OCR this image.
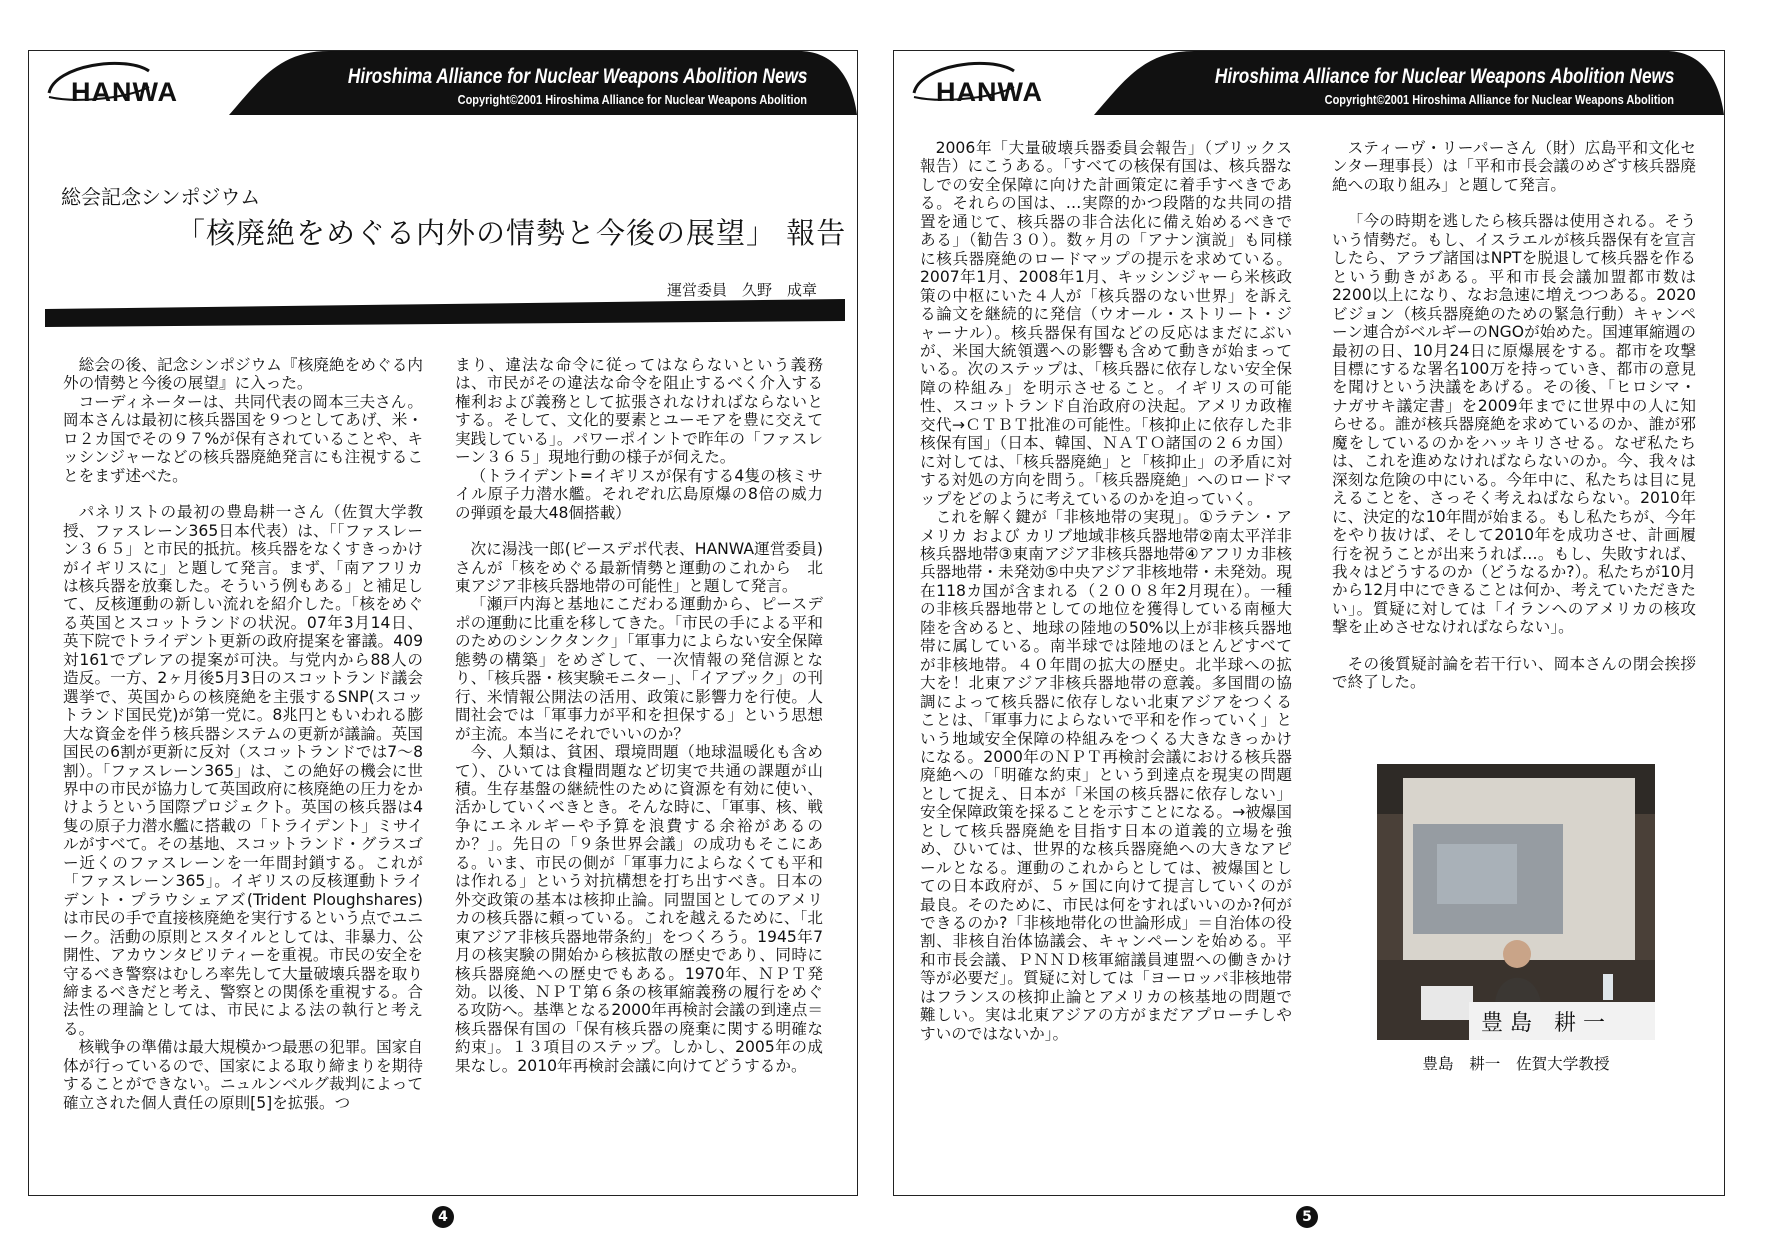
HANWA
Hiroshima Alliance for Nuclear Weapons Abolition News
Copyright©2001 Hiroshima Alliance for Nuclear Weapons Abolition
総会記念シンポジウム
「核廃絶をめぐる内外の情勢と今後の展望」 報告
運営委員　久野　成章

総会の後、記念シンポジウム『核廃絶をめぐる内外の情勢と今後の展望』に入った。

コーディネーターは、共同代表の岡本三夫さん。岡本さんは最初に核兵器国を９つとしてあげ、米・ロ２カ国でその９７%が保有されていることや、キッシンジャーなどの核兵器廃絶発言にも注視することをまず述べた。

パネリストの最初の豊島耕一さん（佐賀大学教授、ファスレーン365日本代表）は、「「ファスレーン３６５」と市民的抵抗。核兵器をなくすきっかけがイギリスに」と題して発言。まず、「南アフリカは核兵器を放棄した。そういう例もある」と補足して、反核運動の新しい流れを紹介した。「核をめぐる英国とスコットランドの状況。07年3月14日、英下院でトライデント更新の政府提案を審議。409対161でブレアの提案が可決。与党内から88人の造反。一方、2ヶ月後5月3日のスコットランド議会選挙で、英国からの核廃絶を主張するSNP(スコットランド国民党)が第一党に。8兆円ともいわれる膨大な資金を伴う核兵器システムの更新が議論。英国国民の6割が更新に反対（スコットランドでは7～8割）。「ファスレーン365」は、この絶好の機会に世界中の市民が協力して英国政府に核廃絶の圧力をかけようという国際プロジェクト。英国の核兵器は4隻の原子力潜水艦に搭載の「トライデント」ミサイルがすべて。その基地、スコットランド・グラスゴー近くのファスレーンを一年間封鎖する。これが「ファスレーン365」。イギリスの反核運動トライデント・プラウシェアズ(Trident Ploughshares) は市民の手で直接核廃絶を実行するという点でユニーク。活動の原則とスタイルとしては、非暴力、公開性、アカウンタビリティーを重視。市民の安全を守るべき警察はむしろ率先して大量破壊兵器を取り締まるべきだと考え、警察との関係を重視する。合法性の理論としては、市民による法の執行と考える。

核戦争の準備は最大規模かつ最悪の犯罪。国家自体が行っているので、国家による取り締まりを期待することができない。ニュルンベルグ裁判によって確立された個人責任の原則[5]を拡張。つ

まり、違法な命令に従ってはならないという義務は、市民がその違法な命令を阻止するべく介入する権利および義務として拡張されなければならないとする。そして、文化的要素とユーモアを豊に交えて実践している」。パワーポイントで昨年の「ファスレーン３６５」現地行動の様子が伺えた。

（トライデント=イギリスが保有する4隻の核ミサイル原子力潜水艦。それぞれ広島原爆の8倍の威力の弾頭を最大48個搭載）

次に湯浅一郎(ピースデポ代表、HANWA運営委員)さんが「核をめぐる最新情勢と運動のこれから　北東アジア非核兵器地帯の可能性」と題して発言。

「瀬戸内海と基地にこだわる運動から、ピースデポの運動に比重を移してきた。「市民の手による平和のためのシンクタンク」「軍事力によらない安全保障態勢の構築」をめざして、一次情報の発信源となり、「核兵器・核実験モニター」、「イアブック」の刊行、米情報公開法の活用、政策に影響力を行使。人間社会では「軍事力が平和を担保する」という思想が主流。本当にそれでいいのか？

今、人類は、貧困、環境問題（地球温暖化も含めて）、ひいては食糧問題など切実で共通の課題が山積。生存基盤の継続性のために資源を有効に使い、活かしていくべきとき。そんな時に、「軍事、核、戦争にエネルギーや予算を浪費する余裕があるのか？」。先日の「９条世界会議」の成功もそこにある。いま、市民の側が「軍事力によらなくても平和は作れる」という対抗構想を打ち出すべき。日本の外交政策の基本は核抑止論。同盟国としてのアメリカの核兵器に頼っている。これを越えるために、「北東アジア非核兵器地帯条約」をつくろう。1945年7月の核実験の開始から核拡散の歴史であり、同時に核兵器廃絶への歴史でもある。1970年、ＮＰＴ発効。以後、ＮＰＴ第６条の核軍縮義務の履行をめぐる攻防へ。基準となる2000年再検討会議の到達点＝核兵器保有国の「保有核兵器の廃棄に関する明確な約束」。１３項目のステップ。しかし、2005年の成果なし。2010年再検討会議に向けてどうするか。

4
HANWA
Hiroshima Alliance for Nuclear Weapons Abolition News
Copyright©2001 Hiroshima Alliance for Nuclear Weapons Abolition

2006年「大量破壊兵器委員会報告」（ブリックス報告）にこうある。「すべての核保有国は、核兵器なしでの安全保障に向けた計画策定に着手すべきである。それらの国は、…実際的かつ段階的な共同の措置を通じて、核兵器の非合法化に備え始めるべきである」（勧告３０）。数ヶ月の「アナン演説」も同様に核兵器廃絶のロードマップの提示を求めている。2007年1月、2008年1月、キッシンジャーら米核政策の中枢にいた４人が「核兵器のない世界」を訴える論文を継続的に発信（ウオール・ストリート・ジャーナル）。核兵器保有国などの反応はまだにぶいが、米国大統領選への影響も含めて動きが始まっている。次のステップは、「核兵器に依存しない安全保障の枠組み」を明示させること。イギリスの可能性、スコットランド自治政府の決起。アメリカ政権交代→ＣＴＢＴ批准の可能性。「核抑止に依存した非核保有国」（日本、韓国、ＮＡＴＯ諸国の２６カ国）に対しては、「核兵器廃絶」と「核抑止」の矛盾に対する対処の方向を問う。「核兵器廃絶」へのロードマップをどのように考えているのかを迫っていく。

これを解く鍵が「非核地帯の実現」。①ラテン・アメリカ および カリブ地域非核兵器地帯②南太平洋非核兵器地帯③東南アジア非核兵器地帯④アフリカ非核兵器地帯・未発効⑤中央アジア非核地帯・未発効。現在118カ国が含まれる（２００８年2月現在）。一種の非核兵器地帯としての地位を獲得している南極大陸を含めると、地球の陸地の50%以上が非核兵器地帯に属している。南半球では陸地のほとんどすべてが非核地帯。４０年間の拡大の歴史。北半球への拡大を！北東アジア非核兵器地帯の意義。多国間の協調によって核兵器に依存しない北東アジアをつくることは、「軍事力によらないで平和を作っていく」という地域安全保障の枠組みをつくる大きなきっかけになる。2000年のＮＰＴ再検討会議における核兵器廃絶への「明確な約束」という到達点を現実の問題として捉え、日本が「米国の核兵器に依存しない」安全保障政策を採ることを示すことになる。→被爆国として核兵器廃絶を目指す日本の道義的立場を強め、ひいては、世界的な核兵器廃絶への大きなアピールとなる。運動のこれからとしては、被爆国としての日本政府が、５ヶ国に向けて提言していくのが最良。そのために、市民は何をすればいいのか?何ができるのか?「非核地帯化の世論形成」＝自治体の役割、非核自治体協議会、キャンペーンを始める。平和市長会議、ＰＮＮＤ核軍縮議員連盟への働きかけ等が必要だ」。質疑に対しては「ヨーロッパ非核地帯はフランスの核抑止論とアメリカの核基地の問題で難しい。実は北東アジアの方がまだアプローチしやすいのではないか」。

スティーヴ・リーパーさん（財）広島平和文化センター理事長）は「平和市長会議のめざす核兵器廃絶への取り組み」と題して発言。

「今の時期を逃したら核兵器は使用される。そういう情勢だ。もし、イスラエルが核兵器保有を宣言したら、アラブ諸国はNPTを脱退して核兵器を作るという動きがある。平和市長会議加盟都市数は2200以上になり、なお急速に増えつつある。2020ビジョン（核兵器廃絶のための緊急行動）キャンペーン連合がベルギーのNGOが始めた。国連軍縮週の最初の日、10月24日に原爆展をする。都市を攻撃目標にするな署名100万を持っていき、都市の意見を聞けという決議をあげる。その後、「ヒロシマ・ナガサキ議定書」を2009年までに世界中の人に知らせる。誰が核兵器廃絶を求めているのか、誰が邪魔をしているのかをハッキリさせる。なぜ私たちは、これを進めなければならないのか。今、我々は深刻な危険の中にいる。今年中に、私たちは目に見えることを、さっそく考えねばならない。2010年に、決定的な10年間が始まる。もし私たちが、今年をやり抜けば、そして2010年を成功させ、計画履行を祝うことが出来うれば…。もし、失敗すれば、我々はどうするのか（どうなるか?）。私たちが10月から12月中にできることは何か、考えていただきたい」。質疑に対しては「イランへのアメリカの核攻撃を止めさせなければならない」。

その後質疑討論を若干行い、岡本さんの閉会挨拶で終了した。

豊 島　耕 一
豊島　耕一　佐賀大学教授
5
